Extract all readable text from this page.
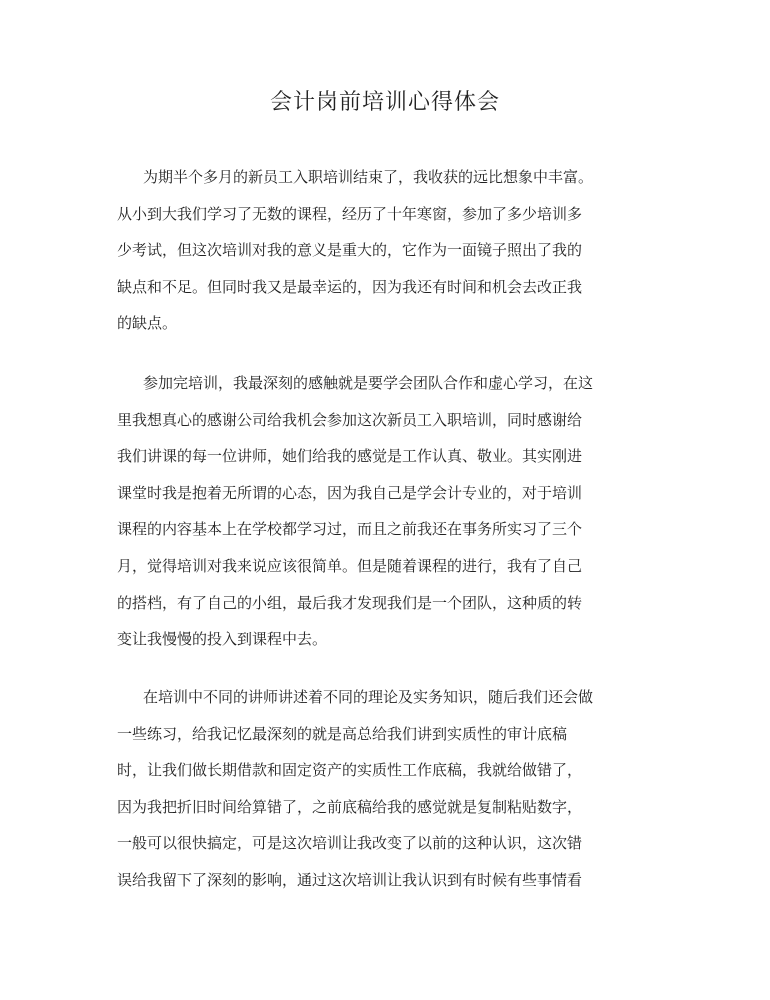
会计岗前培训心得体会

为期半个多月的新员工入职培训结束了，我收获的远比想象中丰富。

从小到大我们学习了无数的课程，经历了十年寒窗，参加了多少培训多

少考试，但这次培训对我的意义是重大的，它作为一面镜子照出了我的

缺点和不足。但同时我又是最幸运的，因为我还有时间和机会去改正我

的缺点。

参加完培训，我最深刻的感触就是要学会团队合作和虚心学习，在这

里我想真心的感谢公司给我机会参加这次新员工入职培训，同时感谢给

我们讲课的每一位讲师，她们给我的感觉是工作认真、敬业。其实刚进

课堂时我是抱着无所谓的心态，因为我自己是学会计专业的，对于培训

课程的内容基本上在学校都学习过，而且之前我还在事务所实习了三个

月，觉得培训对我来说应该很简单。但是随着课程的进行，我有了自己

的搭档，有了自己的小组，最后我才发现我们是一个团队，这种质的转

变让我慢慢的投入到课程中去。

在培训中不同的讲师讲述着不同的理论及实务知识，随后我们还会做

一些练习，给我记忆最深刻的就是高总给我们讲到实质性的审计底稿

时，让我们做长期借款和固定资产的实质性工作底稿，我就给做错了，

因为我把折旧时间给算错了，之前底稿给我的感觉就是复制粘贴数字，

一般可以很快搞定，可是这次培训让我改变了以前的这种认识，这次错

误给我留下了深刻的影响，通过这次培训让我认识到有时候有些事情看
